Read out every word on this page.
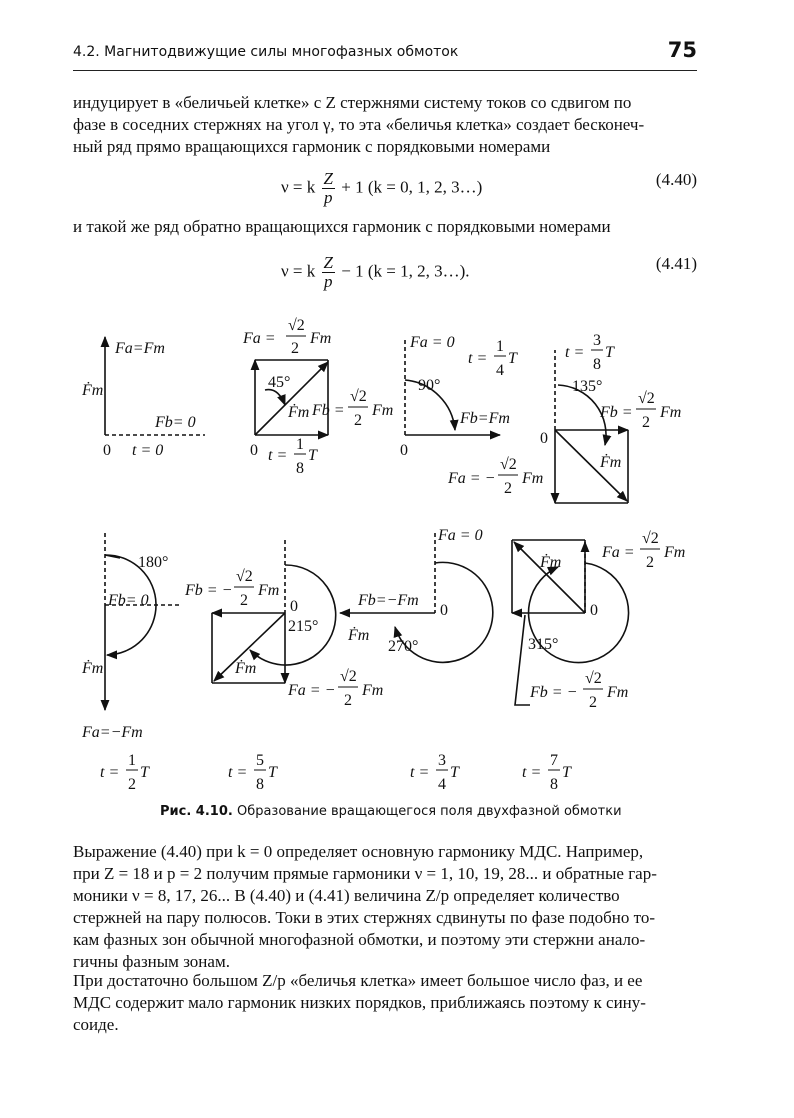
4.2. Магнитодвижущие силы многофазных обмоток	75
индуцирует в «беличьей клетке» с Z стержнями систему токов со сдвигом по
фазе в соседних стержнях на угол γ, то эта «беличья клетка» создает бесконеч-
ный ряд прямо вращающихся гармоник с порядковыми номерами
ν = k $\frac{Z}{p} + 1$ (k = 0, 1, 2, 3…)	(4.40)
и такой же ряд обратно вращающихся гармоник с порядковыми номерами
ν = k $\frac{Z}{p} - 1$ (k = 1, 2, 3…).	(4.41)
Fa=Fm
Ḟm
Fb= 0
0 t = 0
Fa =
√2
2
Fm
45°
Ḟm Fb =
√2
2
Fm
0 t =
1
8
T
Fa = 0
t =
1
4
T
90°
Fb=Fm
0
t =
3
8
T
135°
Fb =
√2
2
Fm
0
Ḟm
Fa = −
√2
2
Fm
180°
Fb= 0
Ḟm
Fa=−Fm
t =
1
2
T
Fb = −
√2
2
Fm
0
215°
Ḟm
Fa = −
√2
2
Fm
t =
5
8
T
Fa = 0
Fb=−Fm
0
Ḟm
270°
t =
3
4
T
Ḟm
Fa =
√2
2
Fm
0
315°
Fb = −
√2
2
Fm
t =
7
8
T
Рис. 4.10. Образование вращающегося поля двухфазной обмотки
Выражение (4.40) при k = 0 определяет основную гармонику МДС. Например,
при Z = 18 и p = 2 получим прямые гармоники ν = 1, 10, 19, 28... и обратные гар-
моники ν = 8, 17, 26... В (4.40) и (4.41) величина Z/p определяет количество
стержней на пару полюсов. Токи в этих стержнях сдвинуты по фазе подобно то-
кам фазных зон обычной многофазной обмотки, и поэтому эти стержни анало-
гичны фазным зонам.
При достаточно большом Z/p «беличья клетка» имеет большое число фаз, и ее
МДС содержит мало гармоник низких порядков, приближаясь поэтому к сину-
соиде.
